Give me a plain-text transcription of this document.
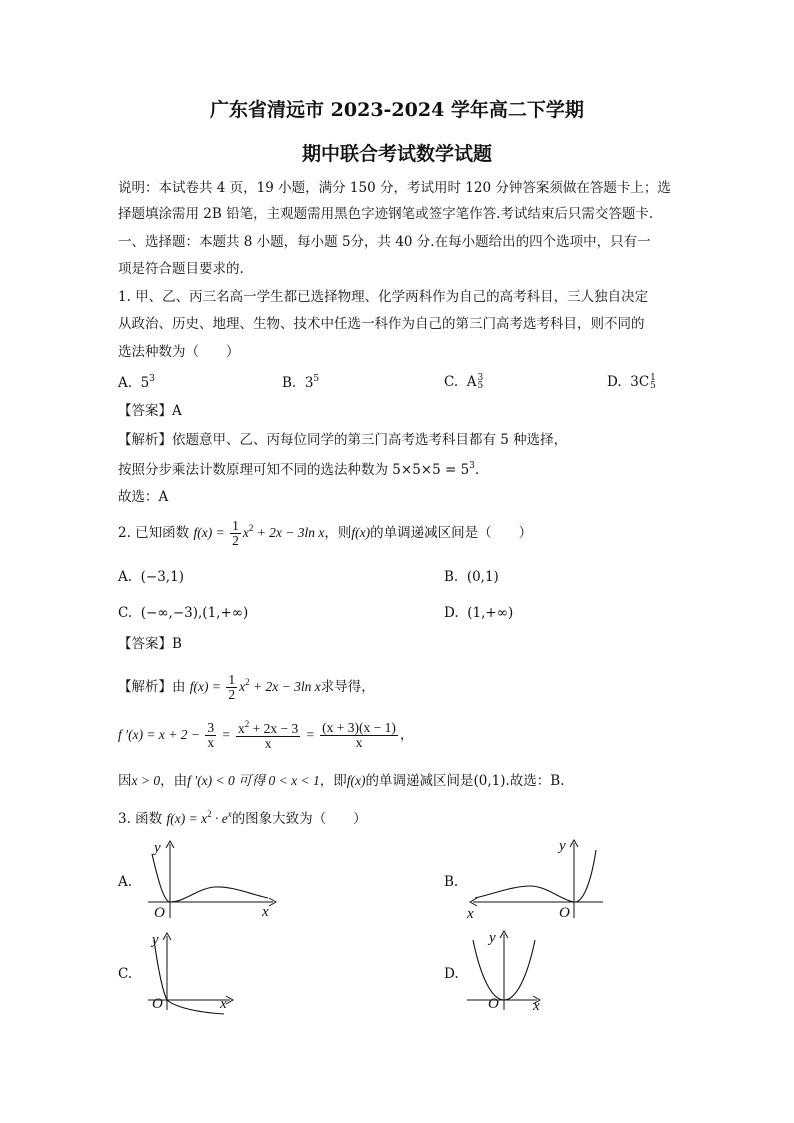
广东省清远市 2023-2024 学年高二下学期
期中联合考试数学试题
说明：本试卷共 4 页，19 小题，满分 150 分，考试用时 120 分钟答案须做在答题卡上；选
择题填涂需用 2B 铅笔，主观题需用黑色字迹钢笔或签字笔作答.考试结束后只需交答题卡.
一、选择题：本题共 8 小题，每小题 5分，共 40 分.在每小题给出的四个选项中，只有一
项是符合题目要求的.
1. 甲、乙、丙三名高一学生都已选择物理、化学两科作为自己的高考科目，三人独自决定
从政治、历史、地理、生物、技术中任选一科作为自己的第三门高考选考科目，则不同的
选法种数为（　　）
A. $5^3$	B. $3^5$	C. A 3
5	D. 3C 1
5
【答案】A
【解析】依题意甲、乙、丙每位同学的第三门高考选考科目都有 5 种选择，
按照分步乘法计数原理可知不同的选法种数为 $5\times 5\times 5 = 5^3$.
故选：A
2. 已知函数 $f(x) = \frac{1}{2} x^2 + 2x - 3\ln$ x，则f(x)的单调递减区间是（　　）
A. (−3,1)	B. (0,1)
C. (−∞,−3),(1,+∞)	D. (1,+∞)
【答案】B
【解析】由 $f(x) = \frac{1}{2} x^2 + 2x - 3\ln$ x求导得，
f $'(x) = x + 2 - \frac{3}{x} = \frac{x^2 + 2x - 3}{x} = \frac{(x + 3)(x - 1)}{x}$ ，
因x > 0，由f ′(x) < 0 可得 0 < x < 1，即f(x)的单调递减区间是(0,1).故选：B.
3. 函数 $f(x) = x^2 \cdot e^x$的图象大致为（　　）
A.	B.
C.	D.
y
O	x
y
O
x
y
O	x
y
O x
